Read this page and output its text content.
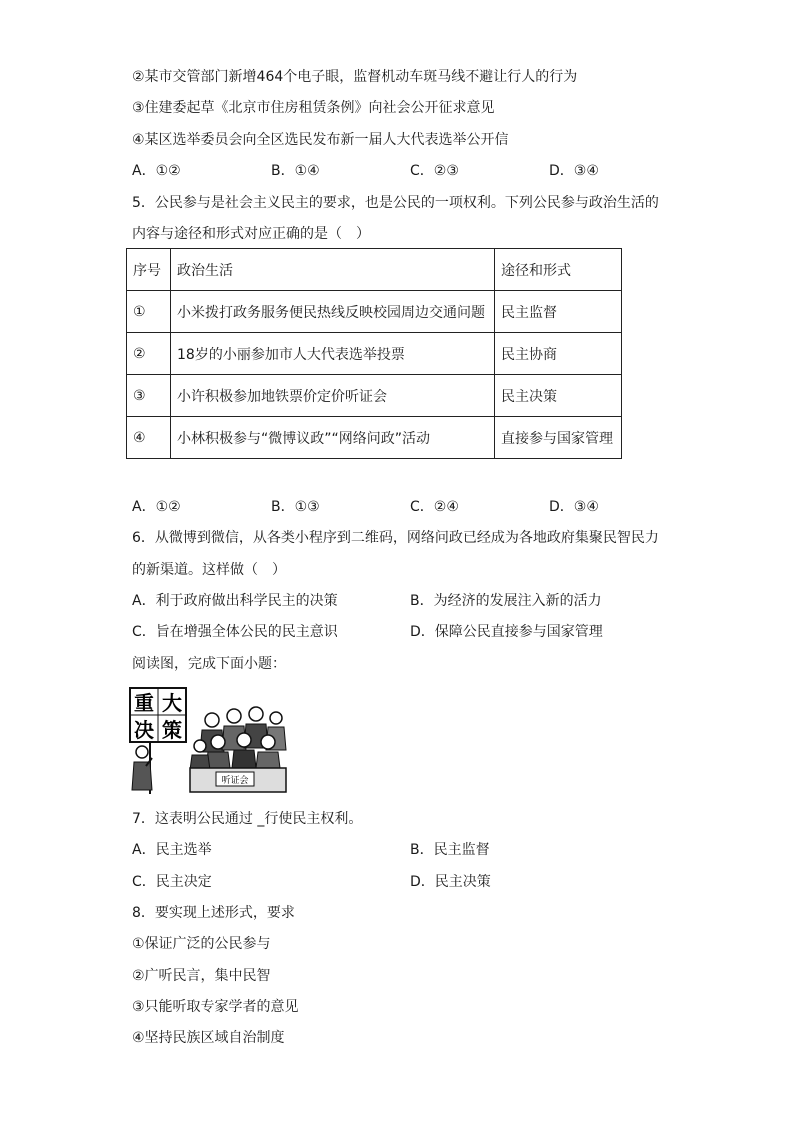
②某市交管部门新增464个电子眼，监督机动车斑马线不避让行人的行为
③住建委起草《北京市住房租赁条例》向社会公开征求意见
④某区选举委员会向全区选民发布新一届人大代表选举公开信
A．①②	B．①④	C．②③	D．③④
5．公民参与是社会主义民主的要求，也是公民的一项权利。下列公民参与政治生活的
内容与途径和形式对应正确的是（　）
序号	政治生活	途径和形式
①	小米拨打政务服务便民热线反映校园周边交通问题	民主监督
②	18岁的小丽参加市人大代表选举投票	民主协商
③	小许积极参加地铁票价定价听证会	民主决策
④	小林积极参与“微博议政”“网络问政”活动	直接参与国家管理
A．①②	B．①③	C．②④	D．③④
6．从微博到微信，从各类小程序到二维码，网络问政已经成为各地政府集聚民智民力
的新渠道。这样做（　）
A．利于政府做出科学民主的决策	B．为经济的发展注入新的活力
C．旨在增强全体公民的民主意识	D．保障公民直接参与国家管理
阅读图，完成下面小题：
重 大
决 策
听证会
7．这表明公民通过 _行使民主权利。
A．民主选举	B．民主监督
C．民主决定	D．民主决策
8．要实现上述形式，要求
①保证广泛的公民参与
②广听民言，集中民智
③只能听取专家学者的意见
④坚持民族区域自治制度
